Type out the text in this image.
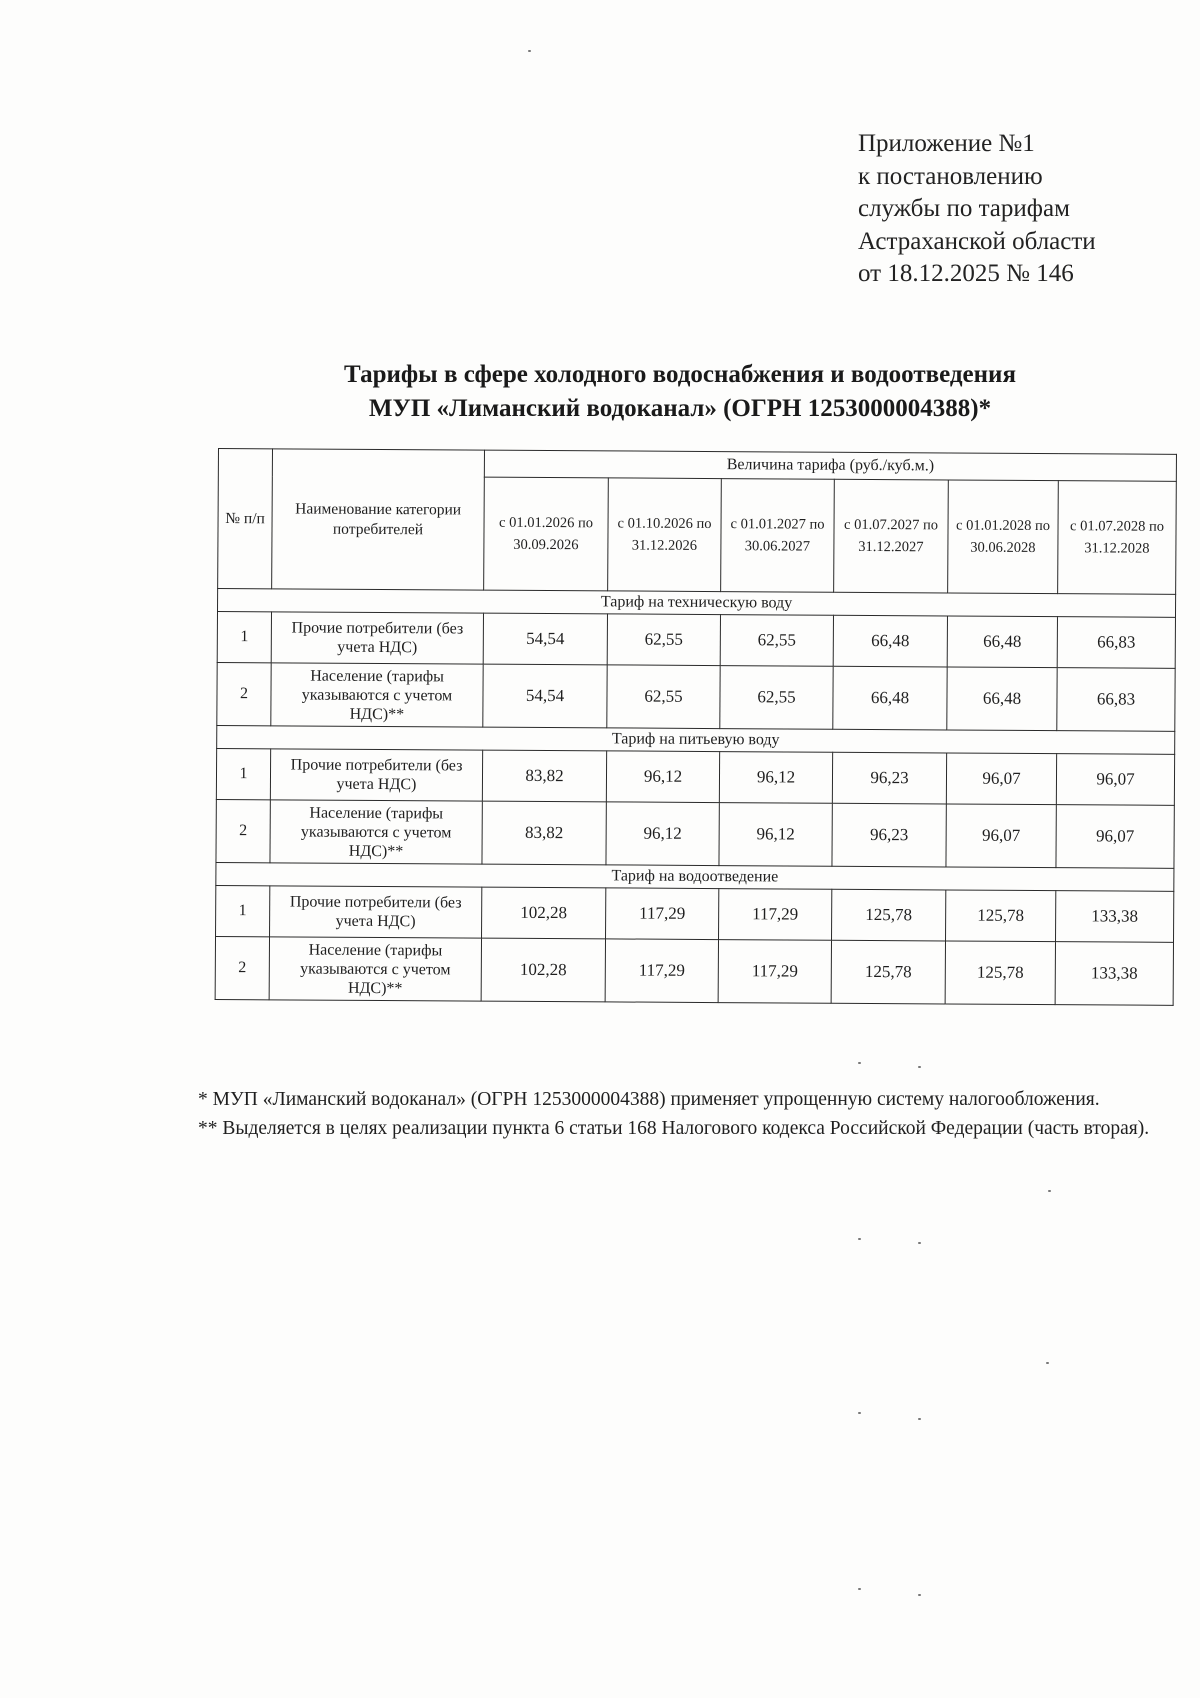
Приложение №1
к постановлению
службы по тарифам
Астраханской области
от 18.12.2025 № 146
Тарифы в сфере холодного водоснабжения и водоотведения
МУП «Лиманский водоканал» (ОГРН 1253000004388)*
№ п/п	Наименование категории потребителей	Величина тарифа (руб./куб.м.)					
		с 01.01.2026 по 30.09.2026	с 01.10.2026 по 31.12.2026	с 01.01.2027 по 30.06.2027	с 01.07.2027 по 31.12.2027	с 01.01.2028 по 30.06.2028	с 01.07.2028 по 31.12.2028
Тариф на техническую воду							
1	Прочие потребители (без учета НДС)	54,54	62,55	62,55	66,48	66,48	66,83
2	Население (тарифы указываются с учетом НДС)**	54,54	62,55	62,55	66,48	66,48	66,83
Тариф на питьевую воду							
1	Прочие потребители (без учета НДС)	83,82	96,12	96,12	96,23	96,07	96,07
2	Население (тарифы указываются с учетом НДС)**	83,82	96,12	96,12	96,23	96,07	96,07
Тариф на водоотведение							
1	Прочие потребители (без учета НДС)	102,28	117,29	117,29	125,78	125,78	133,38
2	Население (тарифы указываются с учетом НДС)**	102,28	117,29	117,29	125,78	125,78	133,38

* МУП «Лиманский водоканал» (ОГРН 1253000004388) применяет упрощенную систему налогообложения.

** Выделяется в целях реализации пункта 6 статьи 168 Налогового кодекса Российской Федерации (часть вторая).
